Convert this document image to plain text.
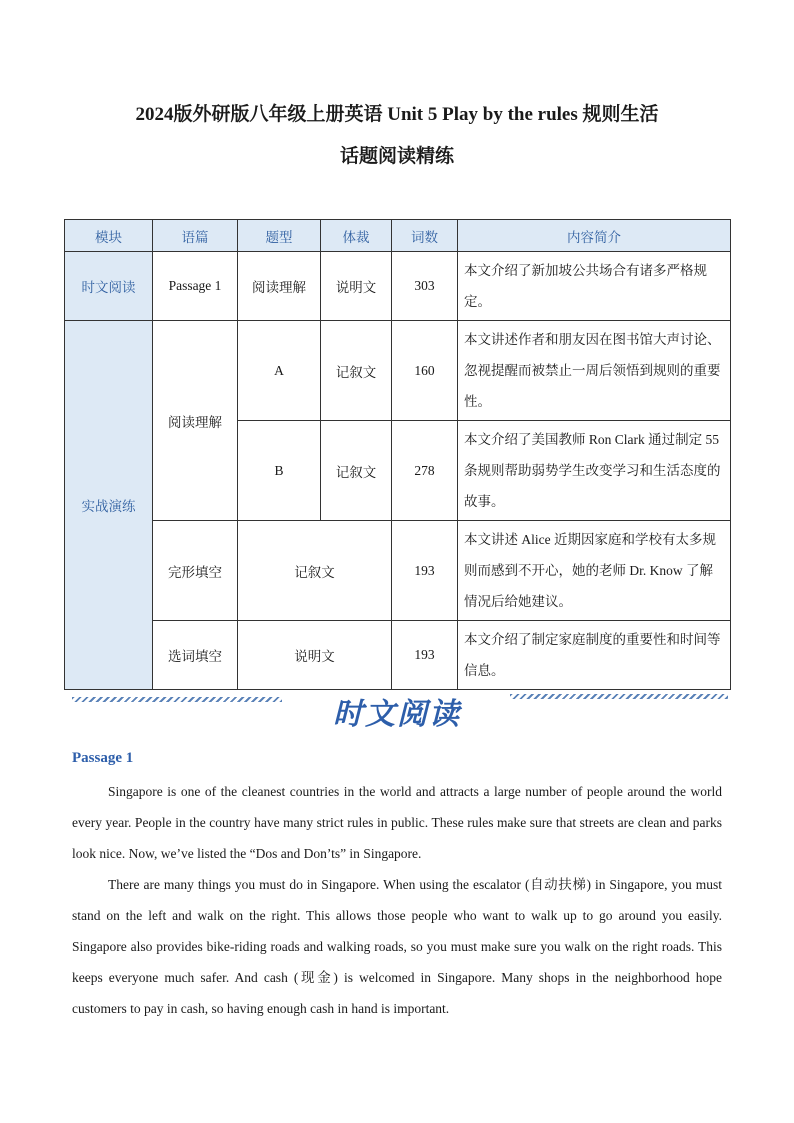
2024版外研版八年级上册英语 Unit 5 Play by the rules 规则生活
话题阅读精练
模块	语篇	题型	体裁	词数	内容简介
时文阅读	Passage 1	阅读理解	说明文	303	本文介绍了新加坡公共场合有诸多严格规定。
实战演练	阅读理解	A	记叙文	160	本文讲述作者和朋友因在图书馆大声讨论、忽视提醒而被禁止一周后领悟到规则的重要性。
		B	记叙文	278	本文介绍了美国教师 Ron Clark 通过制定 55 条规则帮助弱势学生改变学习和生活态度的故事。
	完形填空	记叙文		193	本文讲述 Alice 近期因家庭和学校有太多规则而感到不开心，她的老师 Dr. Know 了解情况后给她建议。
	选词填空	说明文		193	本文介绍了制定家庭制度的重要性和时间等信息。
时文阅读
Passage 1

Singapore is one of the cleanest countries in the world and attracts a large number of people around the world every year. People in the country have many strict rules in public. These rules make sure that streets are clean and parks look nice. Now, we’ve listed the “Dos and Don’ts” in Singapore.

There are many things you must do in Singapore. When using the escalator (自动扶梯) in Singapore, you must stand on the left and walk on the right. This allows those people who want to walk up to go around you easily. Singapore also provides bike-riding roads and walking roads, so you must make sure you walk on the right roads. This keeps everyone much safer. And cash (现金) is welcomed in Singapore. Many shops in the neighborhood hope customers to pay in cash, so having enough cash in hand is important.
